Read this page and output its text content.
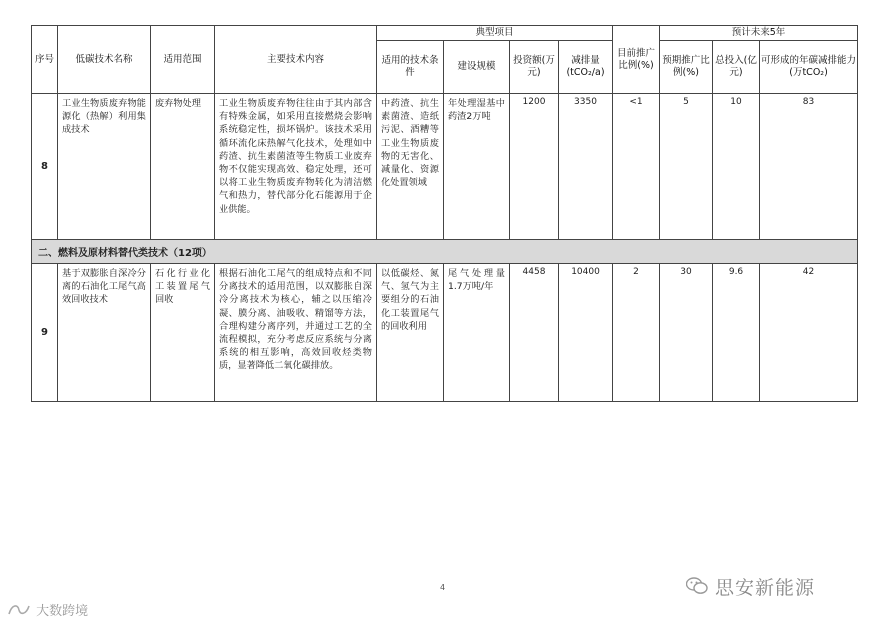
序号	低碳技术名称	适用范围	主要技术内容	典型项目				目前推广比例(%)	预计未来5年		
				适用的技术条件	建设规模	投资额(万元)	减排量(tCO₂/a)		预期推广比例(%)	总投入(亿元)	可形成的年碳减排能力(万tCO₂)
8	工业生物质废弃物能源化（热解）利用集成技术	废弃物处理	工业生物质废弃物往往由于其内部含有特殊金属，如采用直接燃烧会影响系统稳定性，损坏锅炉。该技术采用循环流化床热解气化技术，处理如中药渣、抗生素菌渣等生物质工业废弃物不仅能实现高效、稳定处理，还可以将工业生物质废弃物转化为清洁燃气和热力，替代部分化石能源用于企业供能。	中药渣、抗生素菌渣、造纸污泥、酒糟等工业生物质废物的无害化、减量化、资源化处置领域	年处理湿基中药渣2万吨	1200	3350	<1	5	10	83
二、燃料及原材料替代类技术（12项）											
9	基于双膨胀自深冷分离的石油化工尾气高效回收技术	石化行业化工装置尾气回收	根据石油化工尾气的组成特点和不同分离技术的适用范围，以双膨胀自深冷分离技术为核心，辅之以压缩冷凝、膜分离、油吸收、精馏等方法，合理构建分离序列，并通过工艺的全流程模拟，充分考虑反应系统与分离系统的相互影响，高效回收烃类物质，显著降低二氧化碳排放。	以低碳烃、氮气、氢气为主要组分的石油化工装置尾气的回收利用	尾气处理量1.7万吨/年	4458	10400	2	30	9.6	42
4	思安新能源
大数跨境
